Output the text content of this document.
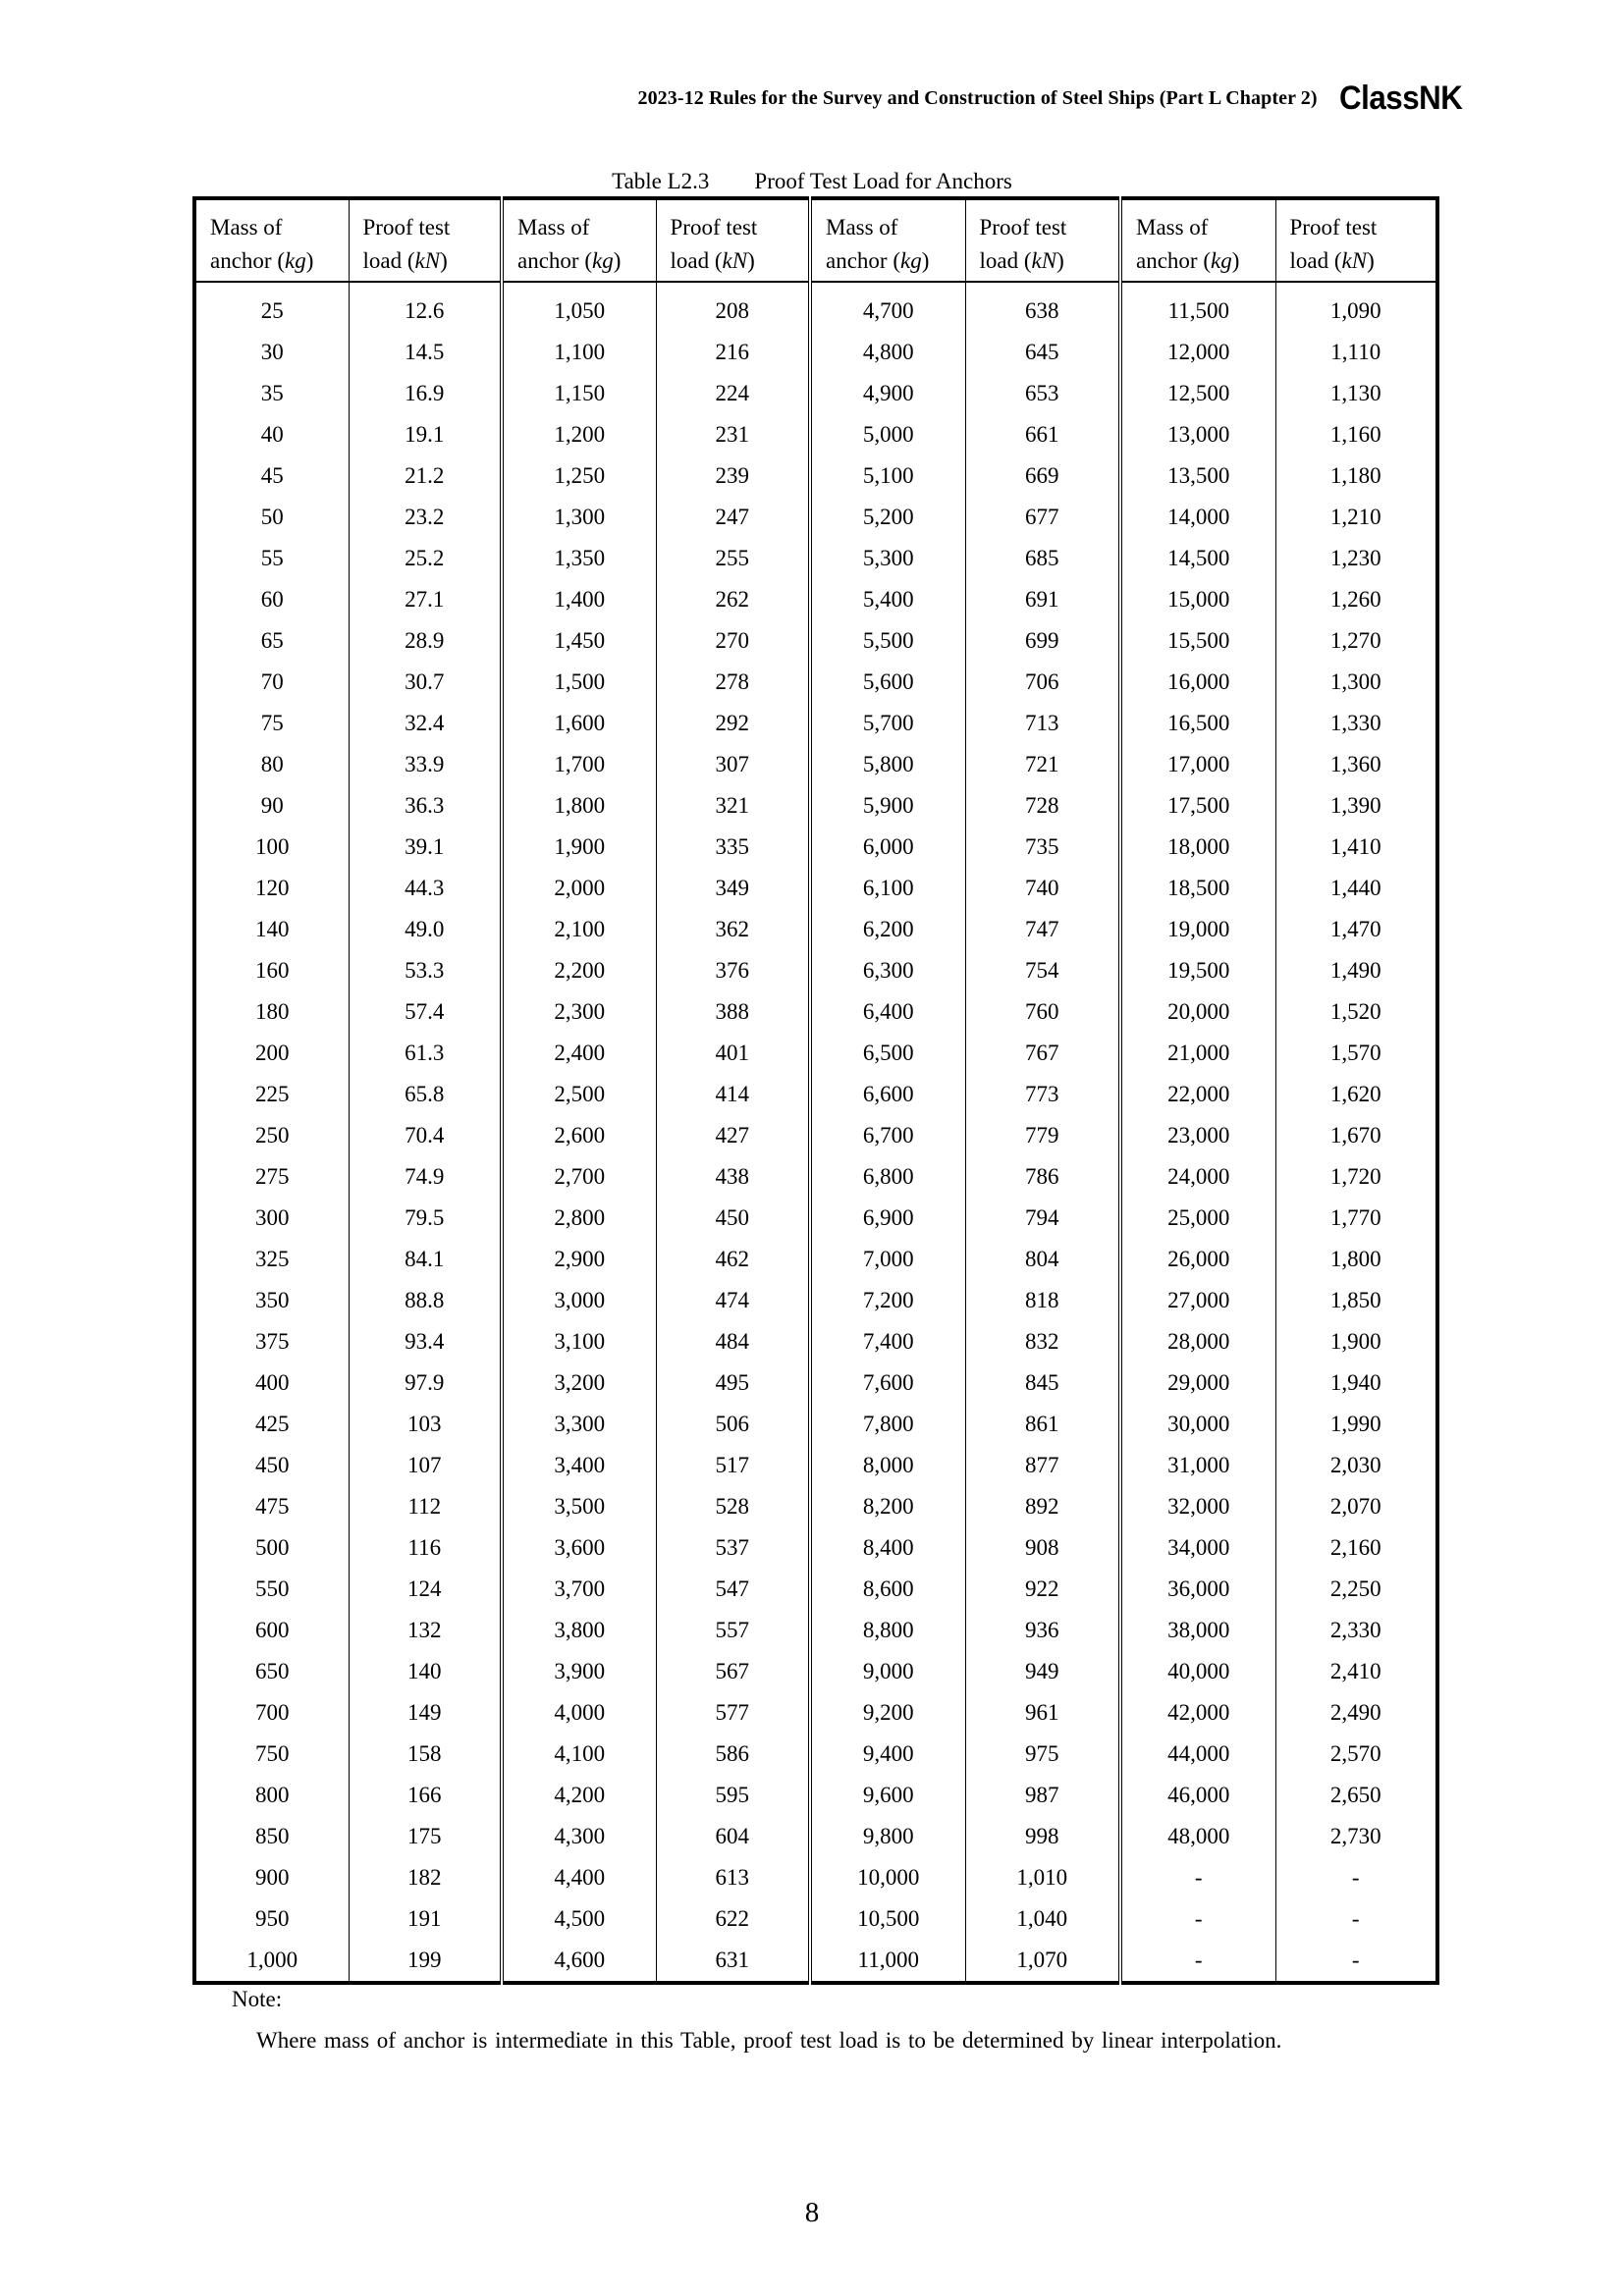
2023-12 Rules for the Survey and Construction of Steel Ships (Part L Chapter 2) ClassNK
Table L2.3        Proof Test Load for Anchors
Mass of	Proof test	Mass of	Proof test	Mass of	Proof test	Mass of	Proof test
anchor (kg)	load (kN)	anchor (kg)	load (kN)	anchor (kg)	load (kN)	anchor (kg)	load (kN)
25	12.6	1,050	208	4,700	638	11,500	1,090
30	14.5	1,100	216	4,800	645	12,000	1,110
35	16.9	1,150	224	4,900	653	12,500	1,130
40	19.1	1,200	231	5,000	661	13,000	1,160
45	21.2	1,250	239	5,100	669	13,500	1,180
50	23.2	1,300	247	5,200	677	14,000	1,210
55	25.2	1,350	255	5,300	685	14,500	1,230
60	27.1	1,400	262	5,400	691	15,000	1,260
65	28.9	1,450	270	5,500	699	15,500	1,270
70	30.7	1,500	278	5,600	706	16,000	1,300
75	32.4	1,600	292	5,700	713	16,500	1,330
80	33.9	1,700	307	5,800	721	17,000	1,360
90	36.3	1,800	321	5,900	728	17,500	1,390
100	39.1	1,900	335	6,000	735	18,000	1,410
120	44.3	2,000	349	6,100	740	18,500	1,440
140	49.0	2,100	362	6,200	747	19,000	1,470
160	53.3	2,200	376	6,300	754	19,500	1,490
180	57.4	2,300	388	6,400	760	20,000	1,520
200	61.3	2,400	401	6,500	767	21,000	1,570
225	65.8	2,500	414	6,600	773	22,000	1,620
250	70.4	2,600	427	6,700	779	23,000	1,670
275	74.9	2,700	438	6,800	786	24,000	1,720
300	79.5	2,800	450	6,900	794	25,000	1,770
325	84.1	2,900	462	7,000	804	26,000	1,800
350	88.8	3,000	474	7,200	818	27,000	1,850
375	93.4	3,100	484	7,400	832	28,000	1,900
400	97.9	3,200	495	7,600	845	29,000	1,940
425	103	3,300	506	7,800	861	30,000	1,990
450	107	3,400	517	8,000	877	31,000	2,030
475	112	3,500	528	8,200	892	32,000	2,070
500	116	3,600	537	8,400	908	34,000	2,160
550	124	3,700	547	8,600	922	36,000	2,250
600	132	3,800	557	8,800	936	38,000	2,330
650	140	3,900	567	9,000	949	40,000	2,410
700	149	4,000	577	9,200	961	42,000	2,490
750	158	4,100	586	9,400	975	44,000	2,570
800	166	4,200	595	9,600	987	46,000	2,650
850	175	4,300	604	9,800	998	48,000	2,730
900	182	4,400	613	10,000	1,010	-	-
950	191	4,500	622	10,500	1,040	-	-
1,000	199	4,600	631	11,000	1,070	-	-
Note:
Where mass of anchor is intermediate in this Table, proof test load is to be determined by linear interpolation.
8
